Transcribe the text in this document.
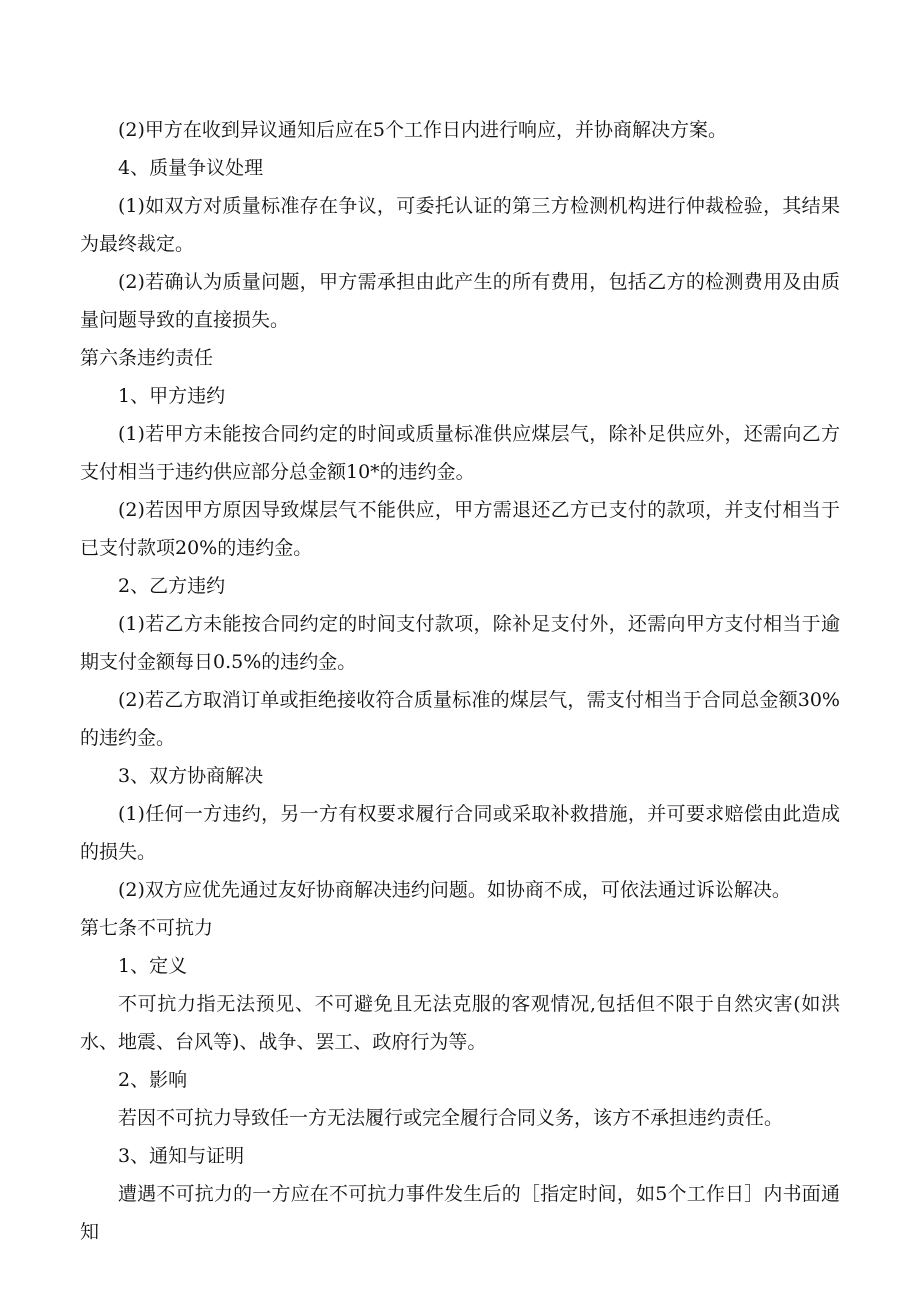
(2)甲方在收到异议通知后应在5个工作日内进行响应，并协商解决方案。

4、质量争议处理

(1)如双方对质量标准存在争议，可委托认证的第三方检测机构进行仲裁检验，其结果为最终裁定。

(2)若确认为质量问题，甲方需承担由此产生的所有费用，包括乙方的检测费用及由质量问题导致的直接损失。

第六条违约责任

1、甲方违约

(1)若甲方未能按合同约定的时间或质量标准供应煤层气，除补足供应外，还需向乙方支付相当于违约供应部分总金额10*的违约金。

(2)若因甲方原因导致煤层气不能供应，甲方需退还乙方已支付的款项，并支付相当于已支付款项20%的违约金。

2、乙方违约

(1)若乙方未能按合同约定的时间支付款项，除补足支付外，还需向甲方支付相当于逾期支付金额每日0.5%的违约金。

(2)若乙方取消订单或拒绝接收符合质量标准的煤层气，需支付相当于合同总金额30%的违约金。

3、双方协商解决

(1)任何一方违约，另一方有权要求履行合同或采取补救措施，并可要求赔偿由此造成的损失。

(2)双方应优先通过友好协商解决违约问题。如协商不成，可依法通过诉讼解决。

第七条不可抗力

1、定义

不可抗力指无法预见、不可避免且无法克服的客观情况,包括但不限于自然灾害(如洪水、地震、台风等)、战争、罢工、政府行为等。

2、影响

若因不可抗力导致任一方无法履行或完全履行合同义务，该方不承担违约责任。

3、通知与证明

遭遇不可抗力的一方应在不可抗力事件发生后的［指定时间，如5个工作日］内书面通知
